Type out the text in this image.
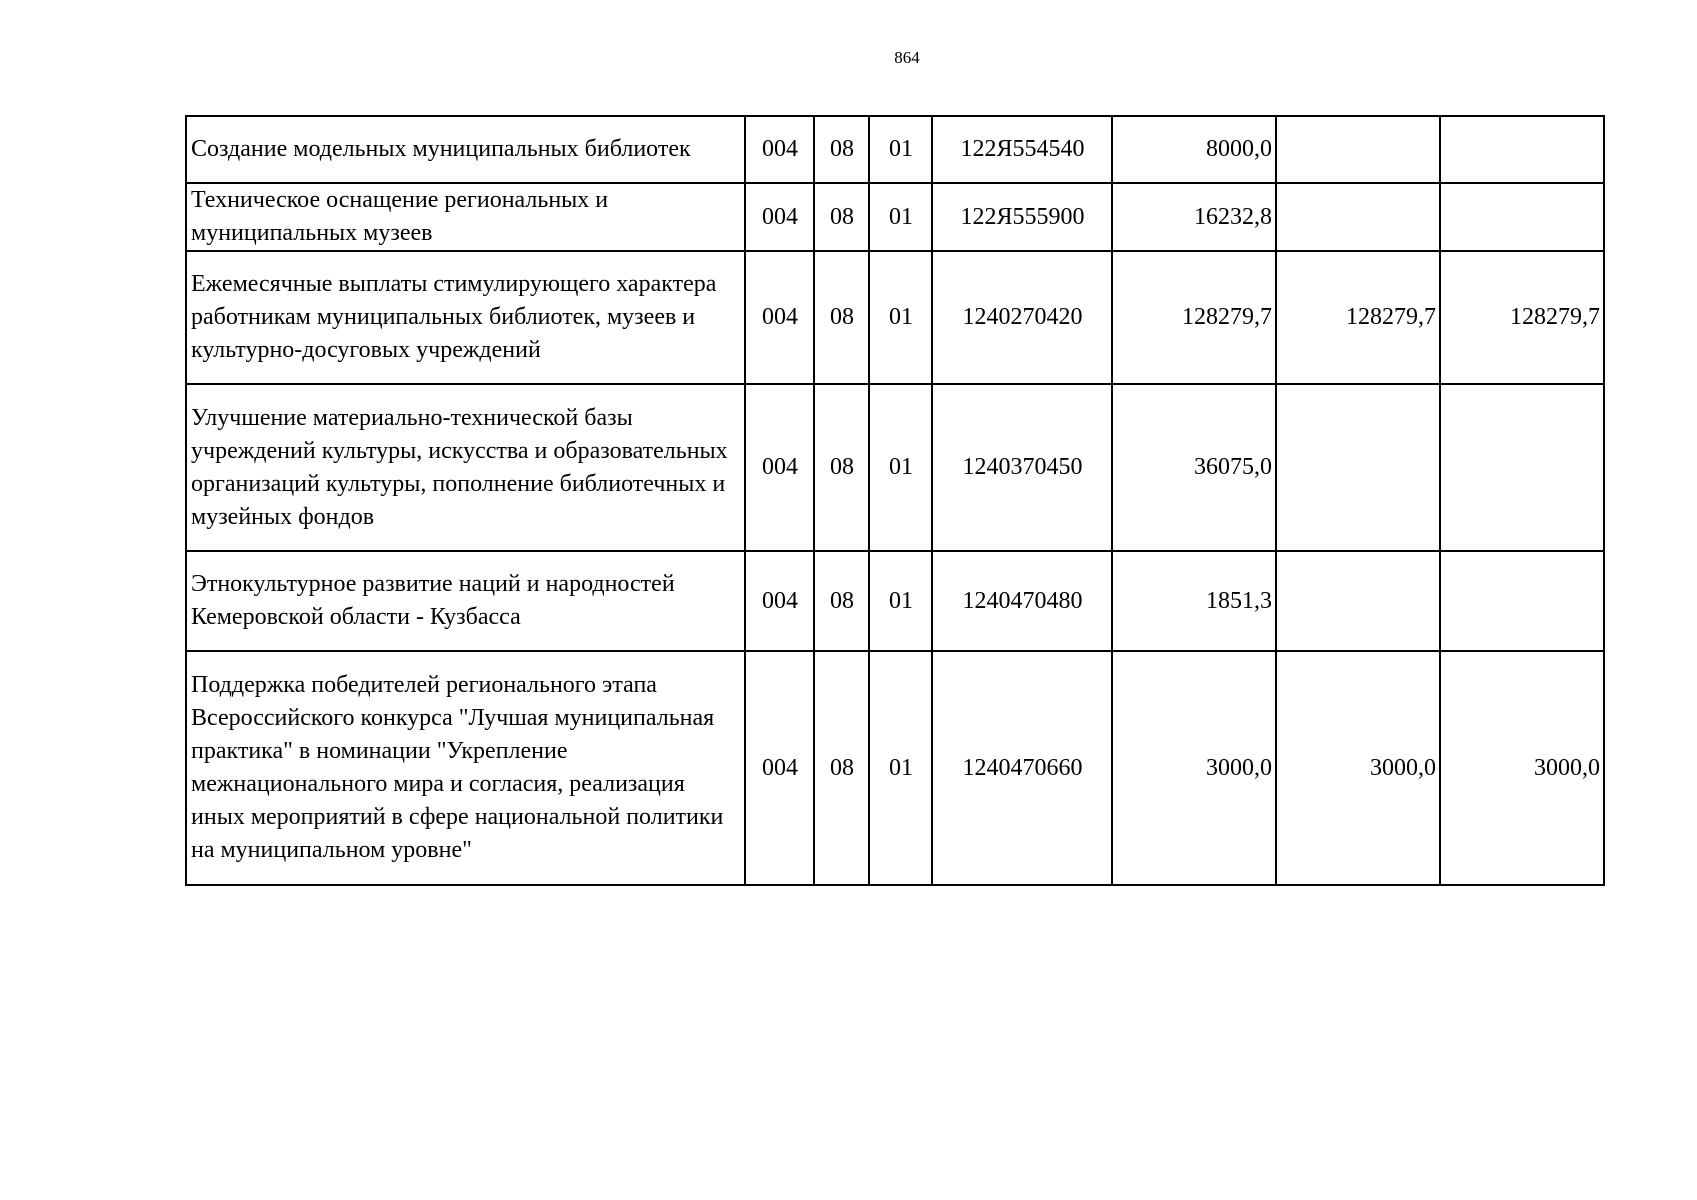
864
Создание модельных муниципальных библиотек	004	08	01	122Я554540	8000,0		
Техническое оснащение региональных и муниципальных музеев	004	08	01	122Я555900	16232,8		
Ежемесячные выплаты стимулирующего характера работникам муниципальных библиотек, музеев и культурно-досуговых учреждений	004	08	01	1240270420	128279,7	128279,7	128279,7
Улучшение материально-технической базы учреждений культуры, искусства и образовательных организаций культуры, пополнение библиотечных и музейных фондов	004	08	01	1240370450	36075,0		
Этнокультурное развитие наций и народностей Кемеровской области - Кузбасса	004	08	01	1240470480	1851,3		
Поддержка победителей регионального этапа Всероссийского конкурса "Лучшая муниципальная практика" в номинации "Укрепление межнационального мира и согласия, реализация иных мероприятий в сфере национальной политики на муниципальном уровне"	004	08	01	1240470660	3000,0	3000,0	3000,0
